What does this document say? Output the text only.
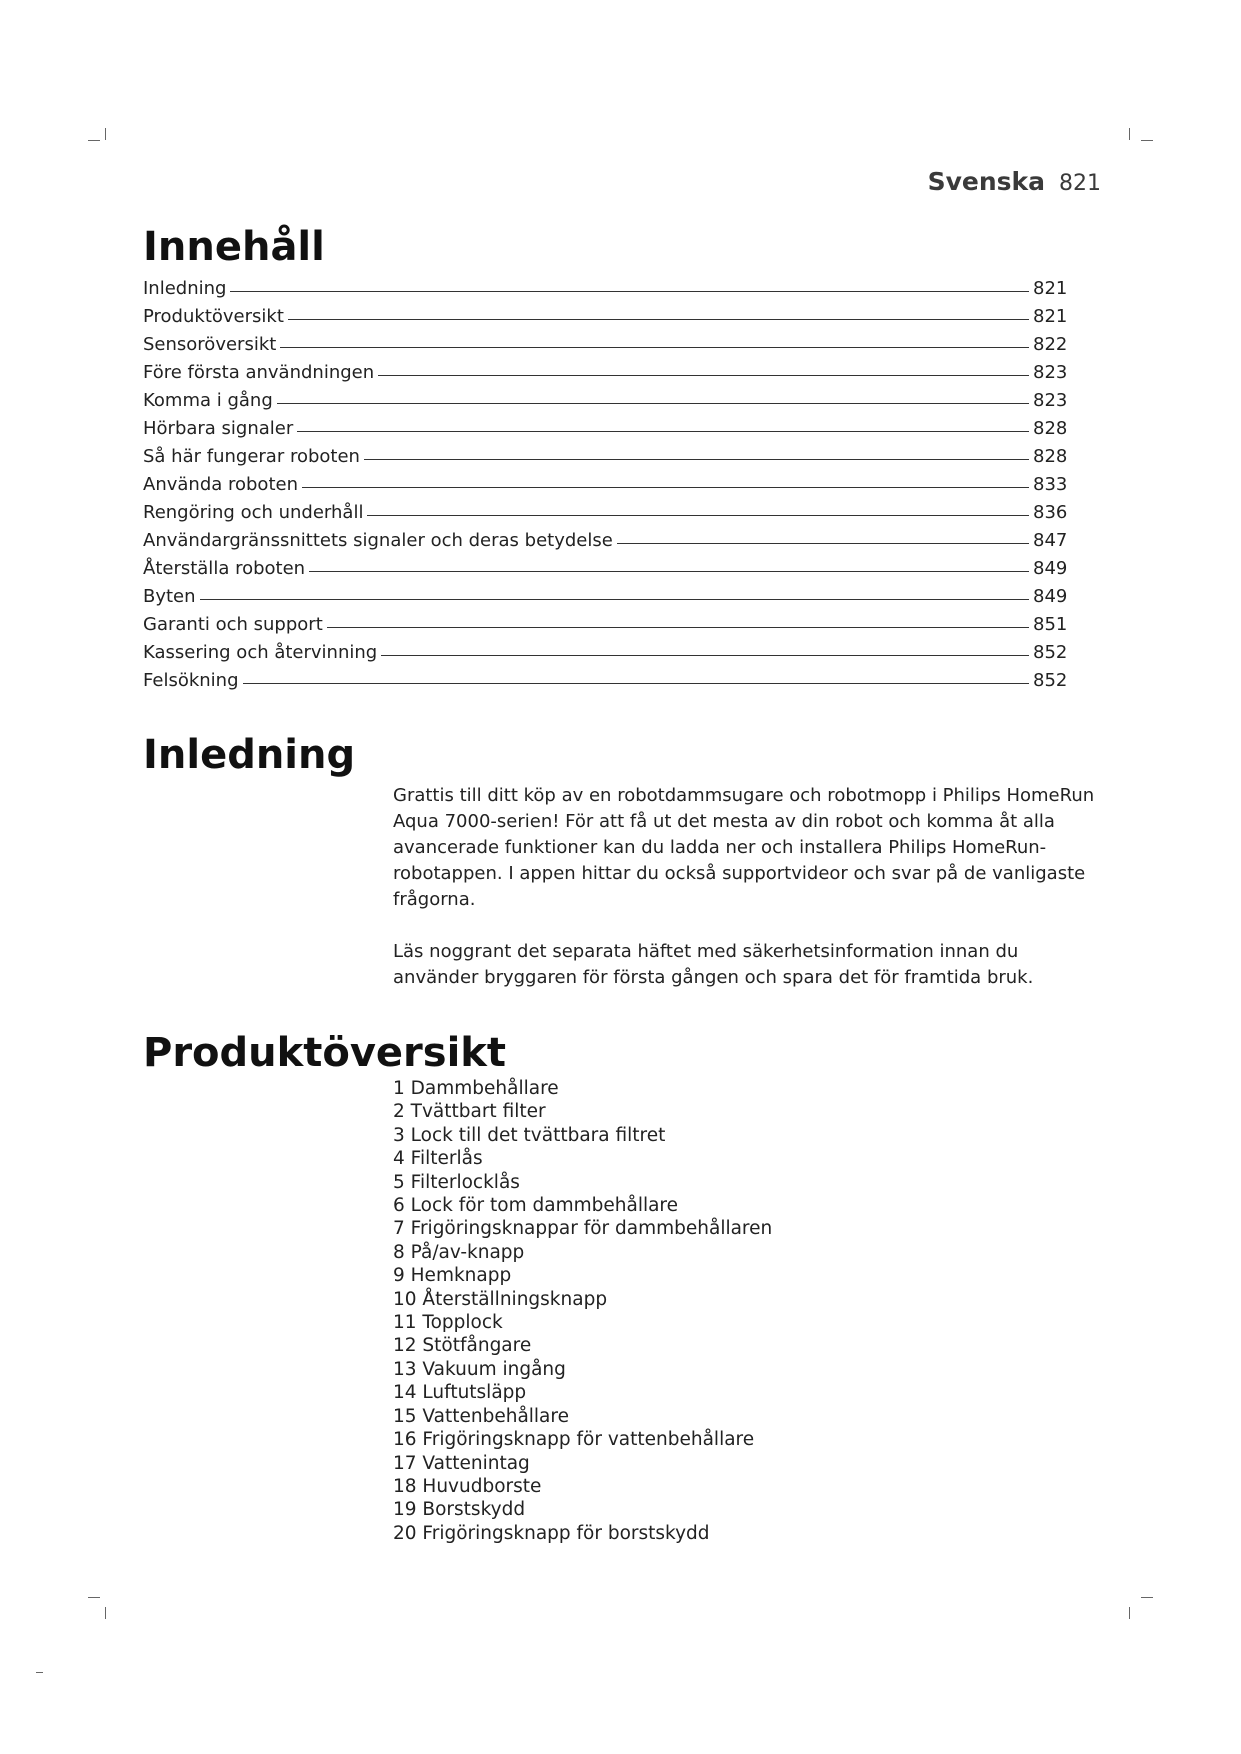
Svenska 821
Innehåll
Inledning	821
Produktöversikt	821
Sensoröversikt	822
Före första användningen	823
Komma i gång	823
Hörbara signaler	828
Så här fungerar roboten	828
Använda roboten	833
Rengöring och underhåll	836
Användargränssnittets signaler och deras betydelse	847
Återställa roboten	849
Byten	849
Garanti och support	851
Kassering och återvinning	852
Felsökning	852
Inledning

Grattis till ditt köp av en robotdammsugare och robotmopp i Philips HomeRun Aqua 7000-serien! För att få ut det mesta av din robot och komma åt alla avancerade funktioner kan du ladda ner och installera Philips HomeRun-robotappen. I appen hittar du också supportvideor och svar på de vanligaste frågorna.

Läs noggrant det separata häftet med säkerhetsinformation innan du använder bryggaren för första gången och spara det för framtida bruk.

Produktöversikt
1 Dammbehållare
2 Tvättbart filter
3 Lock till det tvättbara filtret
4 Filterlås
5 Filterlocklås
6 Lock för tom dammbehållare
7 Frigöringsknappar för dammbehållaren
8 På/av-knapp
9 Hemknapp
10 Återställningsknapp
11 Topplock
12 Stötfångare
13 Vakuum ingång
14 Luftutsläpp
15 Vattenbehållare
16 Frigöringsknapp för vattenbehållare
17 Vattenintag
18 Huvudborste
19 Borstskydd
20 Frigöringsknapp för borstskydd
